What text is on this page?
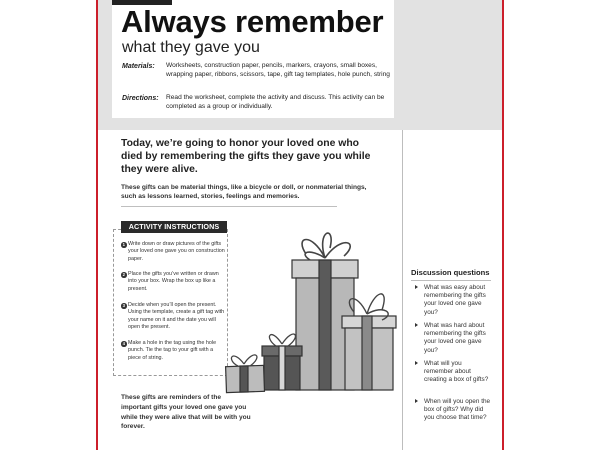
Always remember
what they gave you
Materials: Worksheets, construction paper, pencils, markers, crayons, small boxes, wrapping paper, ribbons, scissors, tape, gift tag templates, hole punch, string
Directions: Read the worksheet, complete the activity and discuss. This activity can be completed as a group or individually.
Today, we’re going to honor your loved one who died by remembering the gifts they gave you while they were alive.
These gifts can be material things, like a bicycle or doll, or nonmaterial things, such as lessons learned, stories, feelings and memories.
ACTIVITY INSTRUCTIONS
1 Write down or draw pictures of the gifts your loved one gave you on construction paper.
2 Place the gifts you’ve written or drawn into your box. Wrap the box up like a present.
3 Decide when you’ll open the present. Using the template, create a gift tag with your name on it and the date you will open the present.
4 Make a hole in the tag using the hole punch. Tie the tag to your gift with a piece of string.
These gifts are reminders of the important gifts your loved one gave you while they were alive that will be with you forever.
Discussion questions
What was easy about remembering the gifts your loved one gave you?
What was hard about remembering the gifts your loved one gave you?
What will you remember about creating a box of gifts?
When will you open the box of gifts? Why did you choose that time?
